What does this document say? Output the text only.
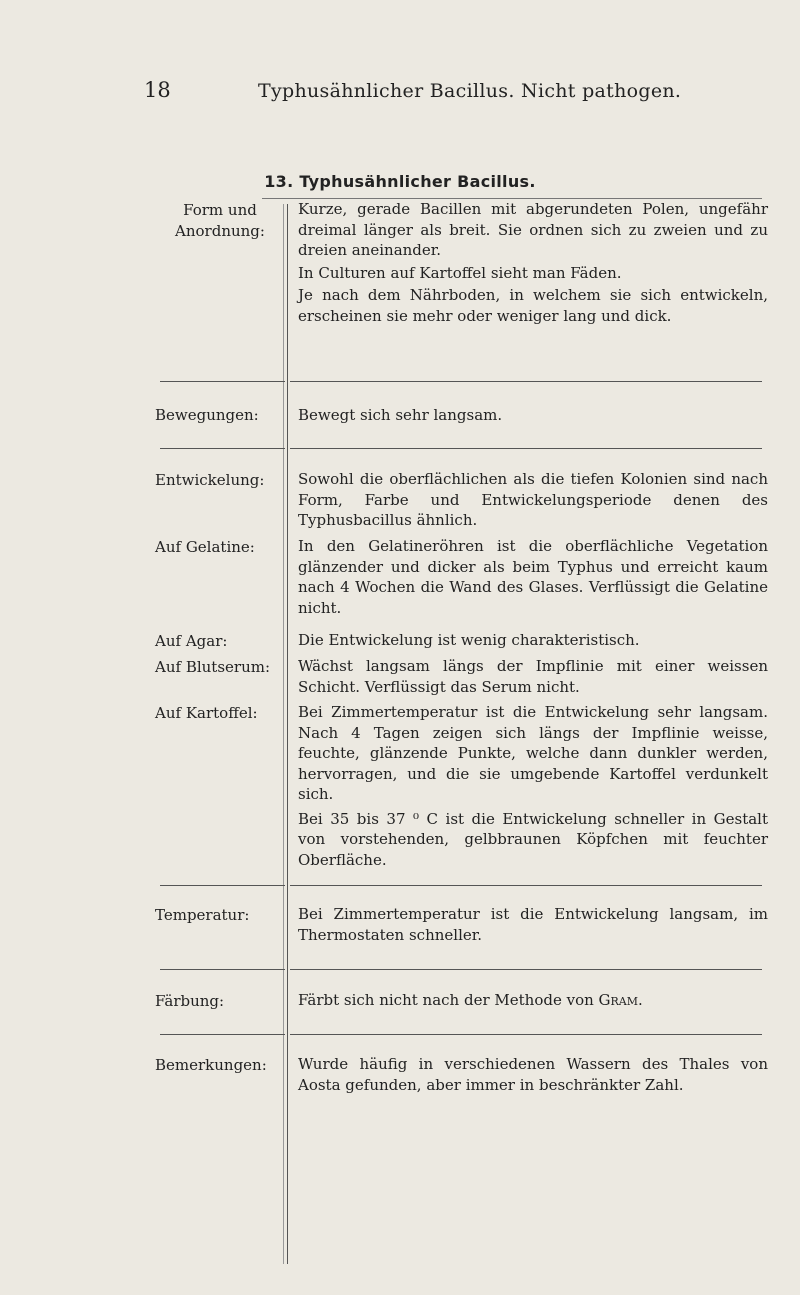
18	Typhusähnlicher Bacillus. Nicht pathogen.
13. Typhusähnlicher Bacillus.
Form und Anordnung:

Kurze, gerade Bacillen mit abgerundeten Polen, ungefähr dreimal länger als breit. Sie ordnen sich zu zweien und zu dreien aneinander.

In Culturen auf Kartoffel sieht man Fäden.

Je nach dem Nährboden, in welchem sie sich entwickeln, erscheinen sie mehr oder weniger lang und dick.

Bewegungen:	Bewegt sich sehr langsam.
Entwickelung:	Sowohl die oberflächlichen als die tiefen Kolonien sind nach Form, Farbe und Entwickelungsperiode denen des Typhusbacillus ähnlich.
Auf Gelatine:	In den Gelatineröhren ist die oberflächliche Vegetation glänzender und dicker als beim Typhus und erreicht kaum nach 4 Wochen die Wand des Glases. Verflüssigt die Gelatine nicht.
Auf Agar:	Die Entwickelung ist wenig charakteristisch.
Auf Blutserum:	Wächst langsam längs der Impflinie mit einer weissen Schicht. Verflüssigt das Serum nicht.
Auf Kartoffel:	Bei Zimmertemperatur ist die Entwickelung sehr langsam. Nach 4 Tagen zeigen sich längs der Impflinie weisse, feuchte, glänzende Punkte, welche dann dunkler werden, hervorragen, und die sie umgebende Kartoffel verdunkelt sich.

Bei 35 bis 37 ⁰ C ist die Entwickelung schneller in Gestalt von vorstehenden, gelbbraunen Köpfchen mit feuchter Oberfläche.

Temperatur:	Bei Zimmertemperatur ist die Entwickelung langsam, im Thermostaten schneller.
Färbung:	Färbt sich nicht nach der Methode von Gram.
Bemerkungen:	Wurde häufig in verschiedenen Wassern des Thales von Aosta gefunden, aber immer in beschränkter Zahl.
